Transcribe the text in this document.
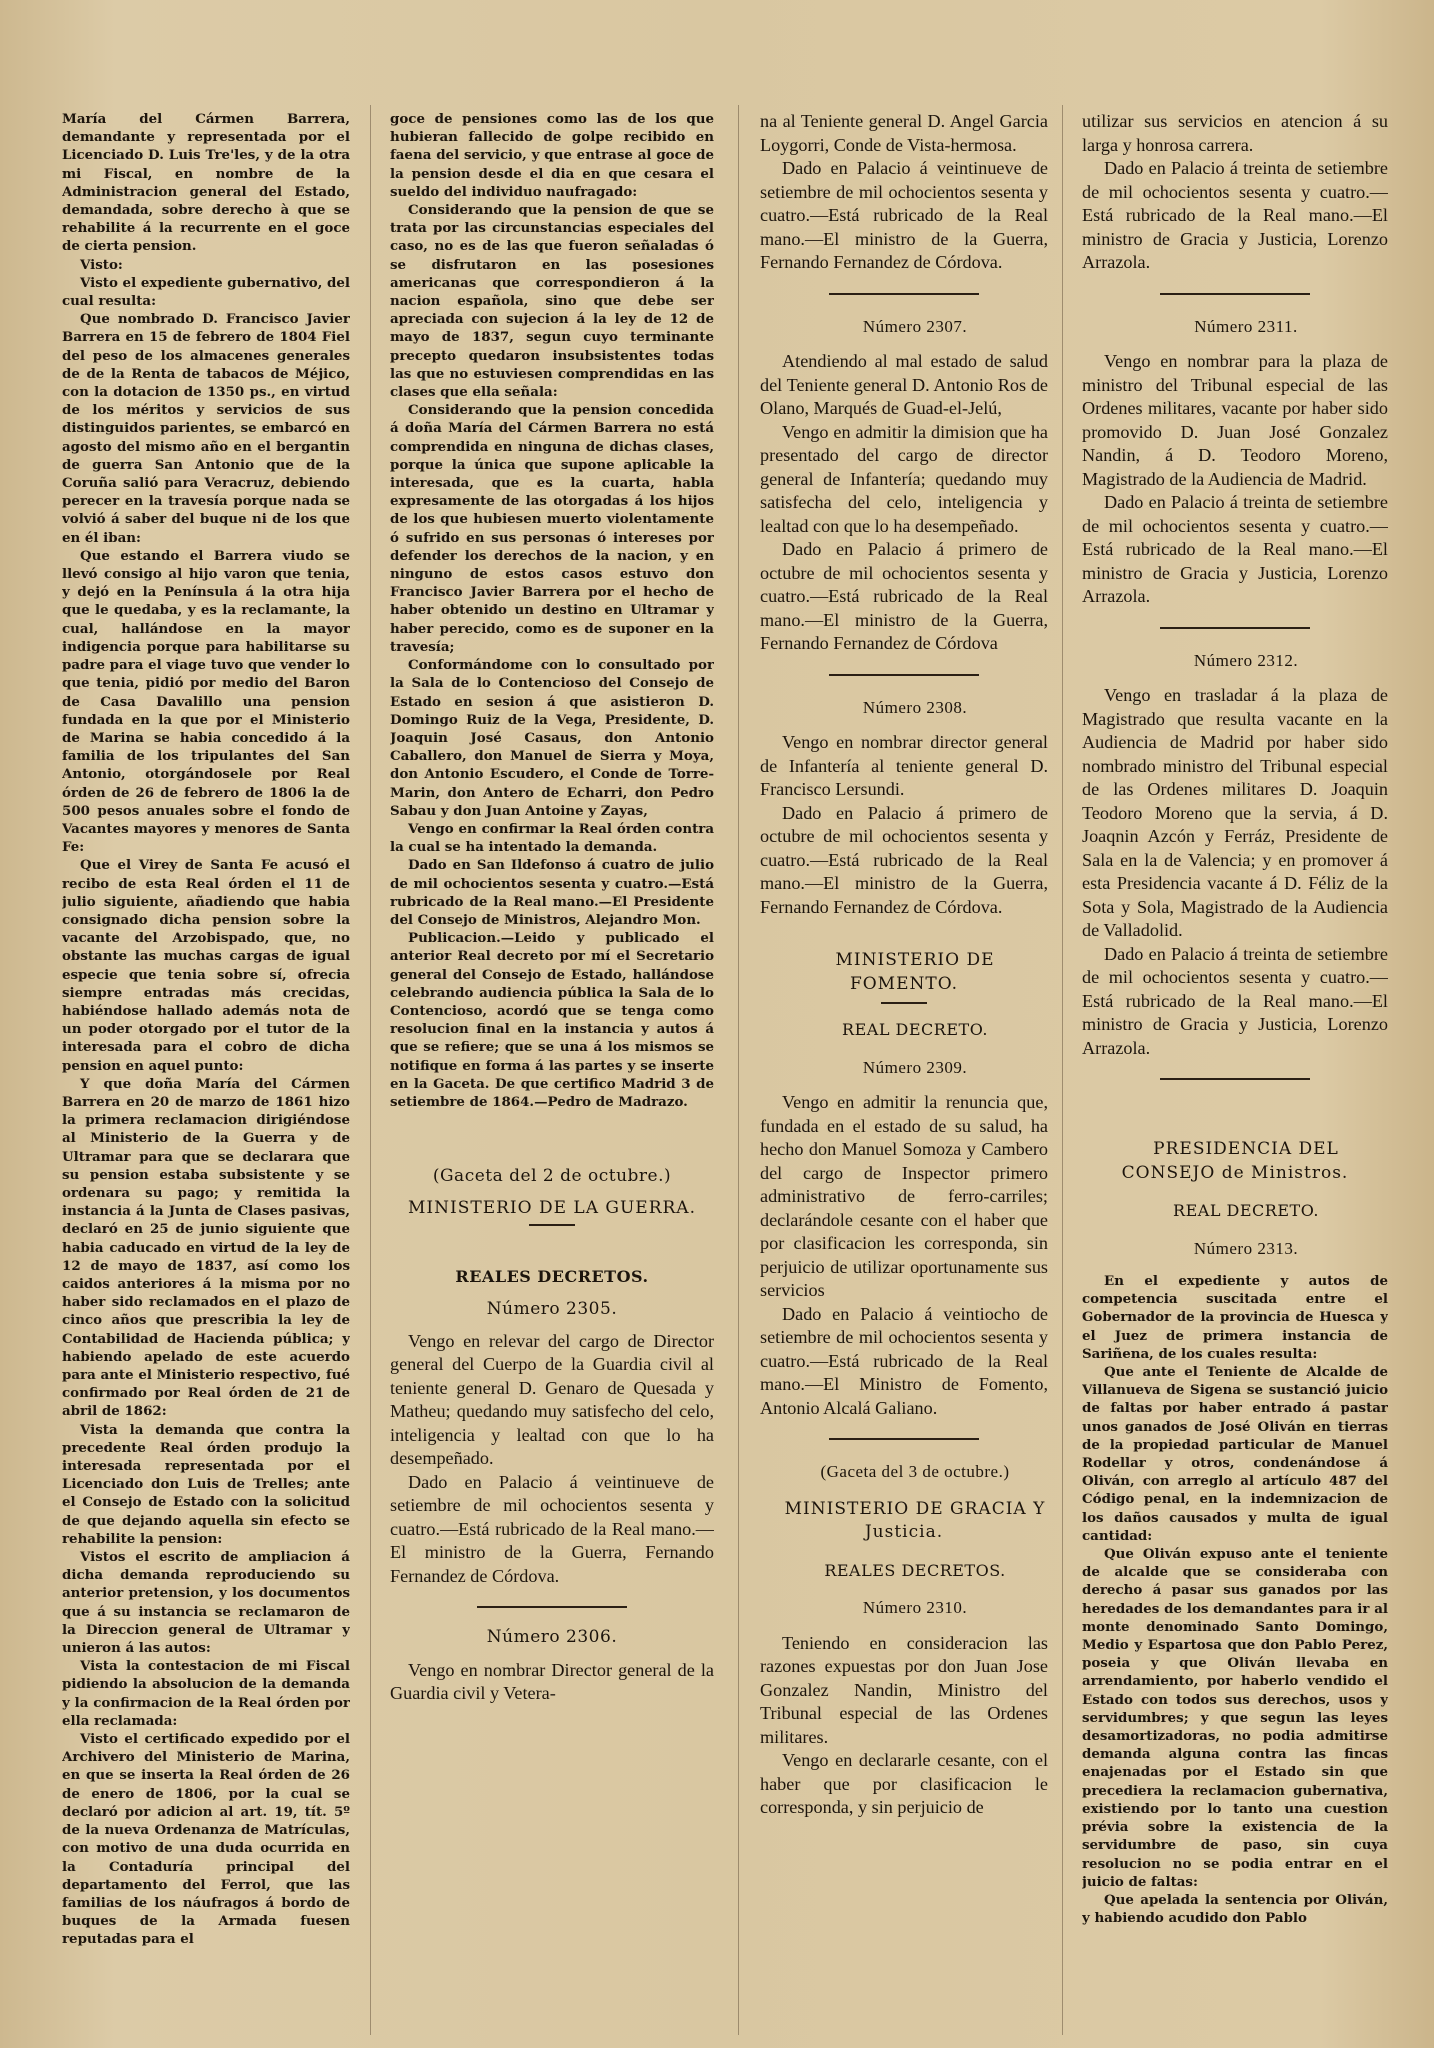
María del Cármen Barrera, demandante y representada por el Licenciado D. Luis Tre'les, y de la otra mi Fiscal, en nombre de la Administracion general del Estado, demandada, sobre derecho à que se rehabilite á la recurrente en el goce de cierta pension.

Visto:

Visto el expediente gubernativo, del cual resulta:

Que nombrado D. Francisco Javier Barrera en 15 de febrero de 1804 Fiel del peso de los almacenes generales de de la Renta de tabacos de Méjico, con la dotacion de 1350 ps., en virtud de los méritos y servicios de sus distinguidos parientes, se embarcó en agosto del mismo año en el bergantin de guerra San Antonio que de la Coruña salió para Veracruz, debiendo perecer en la travesía porque nada se volvió á saber del buque ni de los que en él iban:

Que estando el Barrera viudo se llevó consigo al hijo varon que tenia, y dejó en la Península á la otra hija que le quedaba, y es la reclamante, la cual, hallándose en la mayor indigencia porque para habilitarse su padre para el viage tuvo que vender lo que tenia, pidió por medio del Baron de Casa Davalillo una pension fundada en la que por el Ministerio de Marina se habia concedido á la familia de los tripulantes del San Antonio, otorgándosele por Real órden de 26 de febrero de 1806 la de 500 pesos anuales sobre el fondo de Vacantes mayores y menores de Santa Fe:

Que el Virey de Santa Fe acusó el recibo de esta Real órden el 11 de julio siguiente, añadiendo que habia consignado dicha pension sobre la vacante del Arzobispado, que, no obstante las muchas cargas de igual especie que tenia sobre sí, ofrecia siempre entradas más crecidas, habiéndose hallado además nota de un poder otorgado por el tutor de la interesada para el cobro de dicha pension en aquel punto:

Y que doña María del Cármen Barrera en 20 de marzo de 1861 hizo la primera reclamacion dirigiéndose al Ministerio de la Guerra y de Ultramar para que se declarara que su pension estaba subsistente y se ordenara su pago; y remitida la instancia á la Junta de Clases pasivas, declaró en 25 de junio siguiente que habia caducado en virtud de la ley de 12 de mayo de 1837, así como los caidos anteriores á la misma por no haber sido reclamados en el plazo de cinco años que prescribia la ley de Contabilidad de Hacienda pública; y habiendo apelado de este acuerdo para ante el Ministerio respectivo, fué confirmado por Real órden de 21 de abril de 1862:

Vista la demanda que contra la precedente Real órden produjo la interesada representada por el Licenciado don Luis de Trelles; ante el Consejo de Estado con la solicitud de que dejando aquella sin efecto se rehabilite la pension:

Vistos el escrito de ampliacion á dicha demanda reproduciendo su anterior pretension, y los documentos que á su instancia se reclamaron de la Direccion general de Ultramar y unieron á las autos:

Vista la contestacion de mi Fiscal pidiendo la absolucion de la demanda y la confirmacion de la Real órden por ella reclamada:

Visto el certificado expedido por el Archivero del Ministerio de Marina, en que se inserta la Real órden de 26 de enero de 1806, por la cual se declaró por adicion al art. 19, tít. 5º de la nueva Ordenanza de Matrículas, con motivo de una duda ocurrida en la Contaduría principal del departamento del Ferrol, que las familias de los náufragos á bordo de buques de la Armada fuesen reputadas para el

goce de pensiones como las de los que hubieran fallecido de golpe recibido en faena del servicio, y que entrase al goce de la pension desde el dia en que cesara el sueldo del individuo naufragado:

Considerando que la pension de que se trata por las circunstancias especiales del caso, no es de las que fueron señaladas ó se disfrutaron en las posesiones americanas que correspondieron á la nacion española, sino que debe ser apreciada con sujecion á la ley de 12 de mayo de 1837, segun cuyo terminante precepto quedaron insubsistentes todas las que no estuviesen comprendidas en las clases que ella señala:

Considerando que la pension concedida á doña María del Cármen Barrera no está comprendida en ninguna de dichas clases, porque la única que supone aplicable la interesada, que es la cuarta, habla expresamente de las otorgadas á los hijos de los que hubiesen muerto violentamente ó sufrido en sus personas ó intereses por defender los derechos de la nacion, y en ninguno de estos casos estuvo don Francisco Javier Barrera por el hecho de haber obtenido un destino en Ultramar y haber perecido, como es de suponer en la travesía;

Conformándome con lo consultado por la Sala de lo Contencioso del Consejo de Estado en sesion á que asistieron D. Domingo Ruiz de la Vega, Presidente, D. Joaquin José Casaus, don Antonio Caballero, don Manuel de Sierra y Moya, don Antonio Escudero, el Conde de Torre-Marin, don Antero de Echarri, don Pedro Sabau y don Juan Antoine y Zayas,

Vengo en confirmar la Real órden contra la cual se ha intentado la demanda.

Dado en San Ildefonso á cuatro de julio de mil ochocientos sesenta y cuatro.—Está rubricado de la Real mano.—El Presidente del Consejo de Ministros, Alejandro Mon.

Publicacion.—Leido y publicado el anterior Real decreto por mí el Secretario general del Consejo de Estado, hallándose celebrando audiencia pública la Sala de lo Contencioso, acordó que se tenga como resolucion final en la instancia y autos á que se refiere; que se una á los mismos se notifique en forma á las partes y se inserte en la Gaceta. De que certifico Madrid 3 de setiembre de 1864.—Pedro de Madrazo.

(Gaceta del 2 de octubre.)

MINISTERIO DE LA GUERRA.

REALES DECRETOS.

Número 2305.

Vengo en relevar del cargo de Director general del Cuerpo de la Guardia civil al teniente general D. Genaro de Quesada y Matheu; quedando muy satisfecho del celo, inteligencia y lealtad con que lo ha desempeñado.

Dado en Palacio á veintinueve de setiembre de mil ochocientos sesenta y cuatro.—Está rubricado de la Real mano.—El ministro de la Guerra, Fernando Fernandez de Córdova.

Número 2306.

Vengo en nombrar Director general de la Guardia civil y Vetera-

na al Teniente general D. Angel Garcia Loygorri, Conde de Vista-hermosa.

Dado en Palacio á veintinueve de setiembre de mil ochocientos sesenta y cuatro.—Está rubricado de la Real mano.—El ministro de la Guerra, Fernando Fernandez de Córdova.

Número 2307.

Atendiendo al mal estado de salud del Teniente general D. Antonio Ros de Olano, Marqués de Guad-el-Jelú,

Vengo en admitir la dimision que ha presentado del cargo de director general de Infantería; quedando muy satisfecha del celo, inteligencia y lealtad con que lo ha desempeñado.

Dado en Palacio á primero de octubre de mil ochocientos sesenta y cuatro.—Está rubricado de la Real mano.—El ministro de la Guerra, Fernando Fernandez de Córdova

Número 2308.

Vengo en nombrar director general de Infantería al teniente general D. Francisco Lersundi.

Dado en Palacio á primero de octubre de mil ochocientos sesenta y cuatro.—Está rubricado de la Real mano.—El ministro de la Guerra, Fernando Fernandez de Córdova.

MINISTERIO DE FOMENTO.

REAL DECRETO.

Número 2309.

Vengo en admitir la renuncia que, fundada en el estado de su salud, ha hecho don Manuel Somoza y Cambero del cargo de Inspector primero administrativo de ferro-carriles; declarándole cesante con el haber que por clasificacion les corresponda, sin perjuicio de utilizar oportunamente sus servicios

Dado en Palacio á veintiocho de setiembre de mil ochocientos sesenta y cuatro.—Está rubricado de la Real mano.—El Ministro de Fomento, Antonio Alcalá Galiano.

(Gaceta del 3 de octubre.)

MINISTERIO DE GRACIA Y Justicia.

REALES DECRETOS.

Número 2310.

Teniendo en consideracion las razones expuestas por don Juan Jose Gonzalez Nandin, Ministro del Tribunal especial de las Ordenes militares.

Vengo en declararle cesante, con el haber que por clasificacion le corresponda, y sin perjuicio de

utilizar sus servicios en atencion á su larga y honrosa carrera.

Dado en Palacio á treinta de setiembre de mil ochocientos sesenta y cuatro.—Está rubricado de la Real mano.—El ministro de Gracia y Justicia, Lorenzo Arrazola.

Número 2311.

Vengo en nombrar para la plaza de ministro del Tribunal especial de las Ordenes militares, vacante por haber sido promovido D. Juan José Gonzalez Nandin, á D. Teodoro Moreno, Magistrado de la Audiencia de Madrid.

Dado en Palacio á treinta de setiembre de mil ochocientos sesenta y cuatro.—Está rubricado de la Real mano.—El ministro de Gracia y Justicia, Lorenzo Arrazola.

Número 2312.

Vengo en trasladar á la plaza de Magistrado que resulta vacante en la Audiencia de Madrid por haber sido nombrado ministro del Tribunal especial de las Ordenes militares D. Joaquin Teodoro Moreno que la servia, á D. Joaqnin Azcón y Ferráz, Presidente de Sala en la de Valencia; y en promover á esta Presidencia vacante á D. Féliz de la Sota y Sola, Magistrado de la Audiencia de Valladolid.

Dado en Palacio á treinta de setiembre de mil ochocientos sesenta y cuatro.—Está rubricado de la Real mano.—El ministro de Gracia y Justicia, Lorenzo Arrazola.

PRESIDENCIA DEL CONSEJO de Ministros.

REAL DECRETO.

Número 2313.

En el expediente y autos de competencia suscitada entre el Gobernador de la provincia de Huesca y el Juez de primera instancia de Sariñena, de los cuales resulta:

Que ante el Teniente de Alcalde de Villanueva de Sigena se sustanció juicio de faltas por haber entrado á pastar unos ganados de José Oliván en tierras de la propiedad particular de Manuel Rodellar y otros, condenándose á Oliván, con arreglo al artículo 487 del Código penal, en la indemnizacion de los daños causados y multa de igual cantidad:

Que Oliván expuso ante el teniente de alcalde que se consideraba con derecho á pasar sus ganados por las heredades de los demandantes para ir al monte denominado Santo Domingo, Medio y Espartosa que don Pablo Perez, poseia y que Oliván llevaba en arrendamiento, por haberlo vendido el Estado con todos sus derechos, usos y servidumbres; y que segun las leyes desamortizadoras, no podia admitirse demanda alguna contra las fincas enajenadas por el Estado sin que precediera la reclamacion gubernativa, existiendo por lo tanto una cuestion prévia sobre la existencia de la servidumbre de paso, sin cuya resolucion no se podia entrar en el juicio de faltas:

Que apelada la sentencia por Oliván, y habiendo acudido don Pablo
